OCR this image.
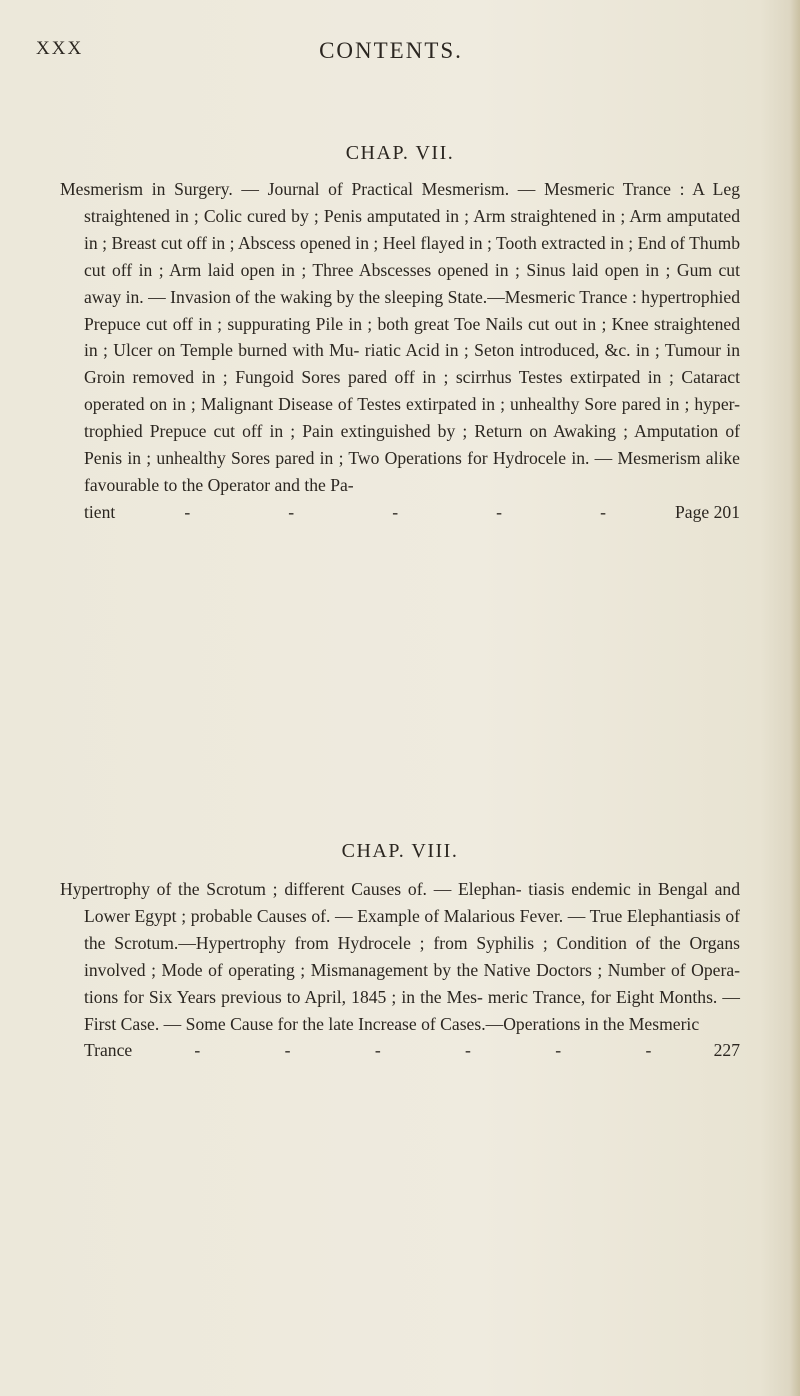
XXX	CONTENTS.
CHAP. VII.

Mesmerism in Surgery. — Journal of Practical Mesmerism. — Mesmeric Trance : A Leg straightened in ; Colic cured by ; Penis amputated in ; Arm straightened in ; Arm amputated in ; Breast cut off in ; Abscess opened in ; Heel flayed in ; Tooth extracted in ; End of Thumb cut off in ; Arm laid open in ; Three Abscesses opened in ; Sinus laid open in ; Gum cut away in. — Invasion of the waking by the sleeping State.—Mesmeric Trance : hypertrophied Prepuce cut off in ; suppurating Pile in ; both great Toe Nails cut out in ; Knee straightened in ; Ulcer on Temple burned with Mu- riatic Acid in ; Seton introduced, &c. in ; Tumour in Groin removed in ; Fungoid Sores pared off in ; scirrhus Testes extirpated in ; Cataract operated on in ; Malignant Disease of Testes extirpated in ; unhealthy Sore pared in ; hyper- trophied Prepuce cut off in ; Pain extinguished by ; Return on Awaking ; Amputation of Penis in ; unhealthy Sores pared in ; Two Operations for Hydrocele in. — Mesmerism alike favourable to the Operator and the Pa-

tient	-	-	-	-	-	Page 201
CHAP. VIII.

Hypertrophy of the Scrotum ; different Causes of. — Elephan- tiasis endemic in Bengal and Lower Egypt ; probable Causes of. — Example of Malarious Fever. — True Elephantiasis of the Scrotum.—Hypertrophy from Hydrocele ; from Syphilis ; Condition of the Organs involved ; Mode of operating ; Mismanagement by the Native Doctors ; Number of Opera- tions for Six Years previous to April, 1845 ; in the Mes- meric Trance, for Eight Months. —First Case. — Some Cause for the late Increase of Cases.—Operations in the Mesmeric

Trance	-	-	-	-	-	-	227
